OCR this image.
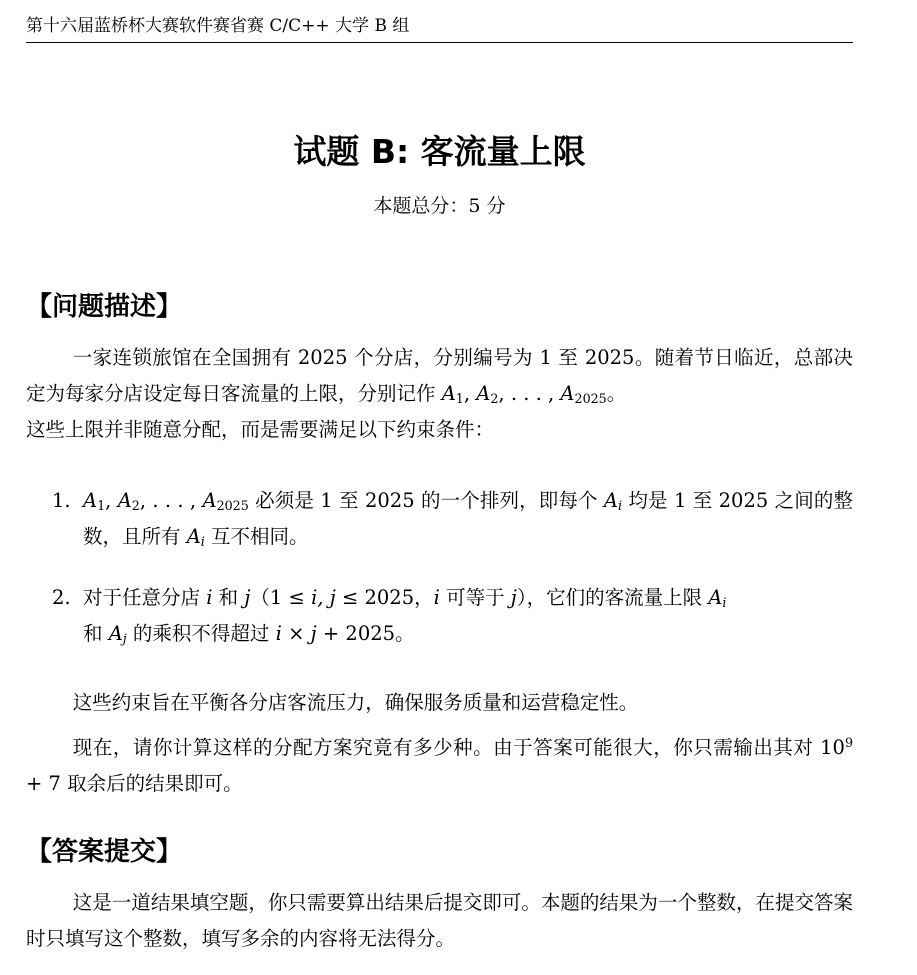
第十六届蓝桥杯大赛软件赛省赛 C/C++ 大学 B 组
试题 B: 客流量上限
本题总分：5 分
【问题描述】
一家连锁旅馆在全国拥有 2025 个分店，分别编号为 1 至 2025。随着节日临近，总部决定为每家分店设定每日客流量的上限，分别记作 $A_1$, $A_2$, . . . , $A_{2025}$。
这些上限并非随意分配，而是需要满足以下约束条件：
1. $A_1$, $A_2$, . . . , $A_{2025}$ 必须是 1 至 2025 的一个排列，即每个 $A_i$ 均是 1 至 2025 之间的整数，且所有 $A_i$ 互不相同。
2. 对于任意分店 i 和 j（1 ≤ i, j ≤ 2025，i 可等于 j），它们的客流量上限 $A_i$
和 $A_j$ 的乘积不得超过 i × j + 2025。
这些约束旨在平衡各分店客流压力，确保服务质量和运营稳定性。
现在，请你计算这样的分配方案究竟有多少种。由于答案可能很大，你只需输出其对 $10^9 + 7$ 取余后的结果即可。
【答案提交】
这是一道结果填空题，你只需要算出结果后提交即可。本题的结果为一个整数，在提交答案时只填写这个整数，填写多余的内容将无法得分。
